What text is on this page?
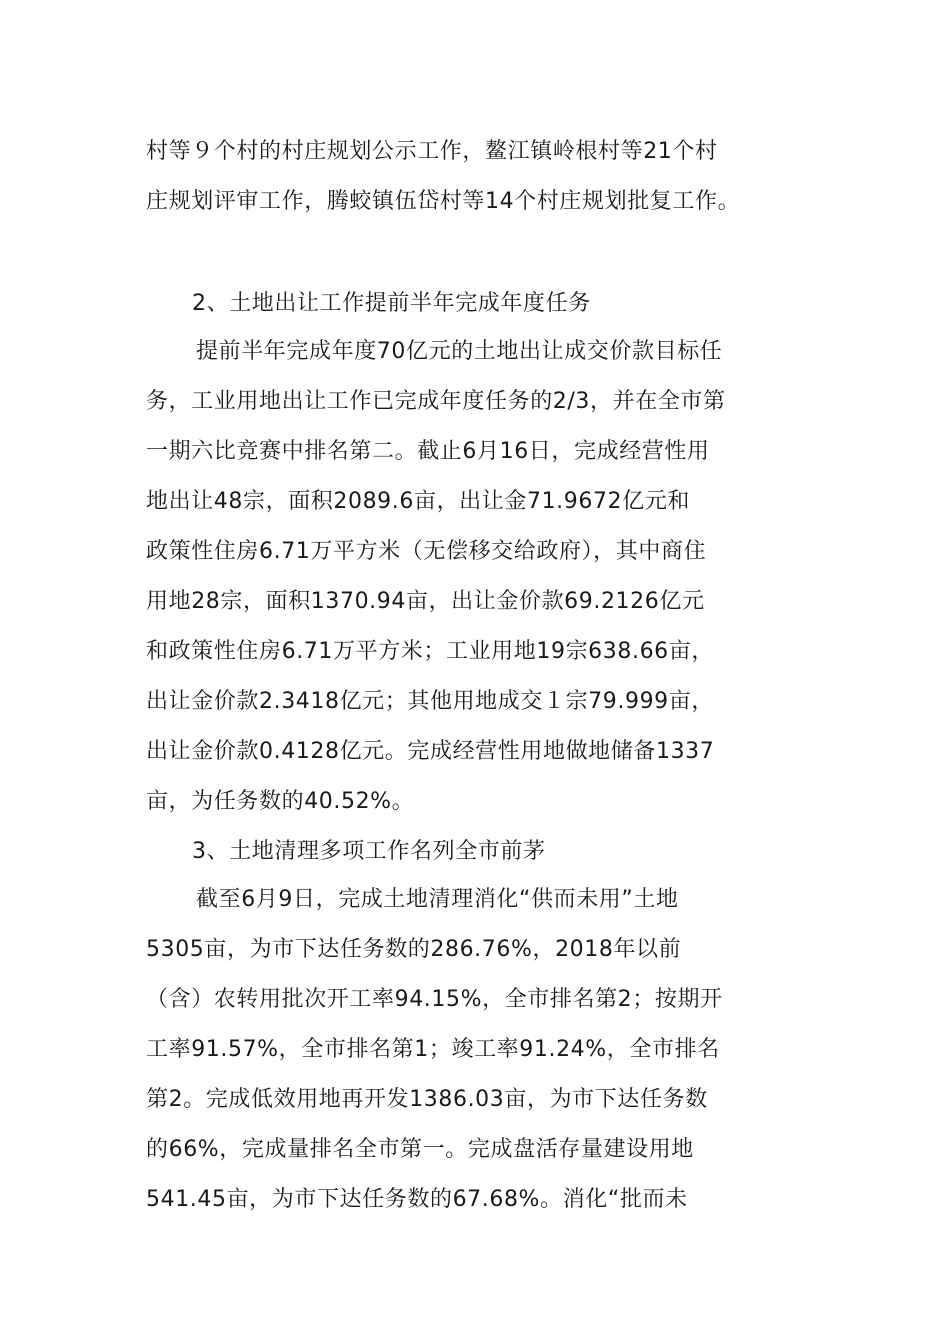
村等９个村的村庄规划公示工作，鳌江镇岭根村等21个村
庄规划评审工作，腾蛟镇伍岱村等14个村庄规划批复工作。
2、土地出让工作提前半年完成年度任务
提前半年完成年度70亿元的土地出让成交价款目标任
务，工业用地出让工作已完成年度任务的2/3，并在全市第
一期六比竞赛中排名第二。截止6月16日，完成经营性用
地出让48宗，面积2089.6亩，出让金71.9672亿元和
政策性住房6.71万平方米（无偿移交给政府），其中商住
用地28宗，面积1370.94亩，出让金价款69.2126亿元
和政策性住房6.71万平方米；工业用地19宗638.66亩，
出让金价款2.3418亿元；其他用地成交１宗79.999亩，
出让金价款0.4128亿元。完成经营性用地做地储备1337
亩，为任务数的40.52%。
3、土地清理多项工作名列全市前茅
截至6月9日，完成土地清理消化“供而未用”土地
5305亩，为市下达任务数的286.76%，2018年以前
（含）农转用批次开工率94.15%，全市排名第2；按期开
工率91.57%，全市排名第1；竣工率91.24%，全市排名
第2。完成低效用地再开发1386.03亩，为市下达任务数
的66%，完成量排名全市第一。完成盘活存量建设用地
541.45亩，为市下达任务数的67.68%。消化“批而未
